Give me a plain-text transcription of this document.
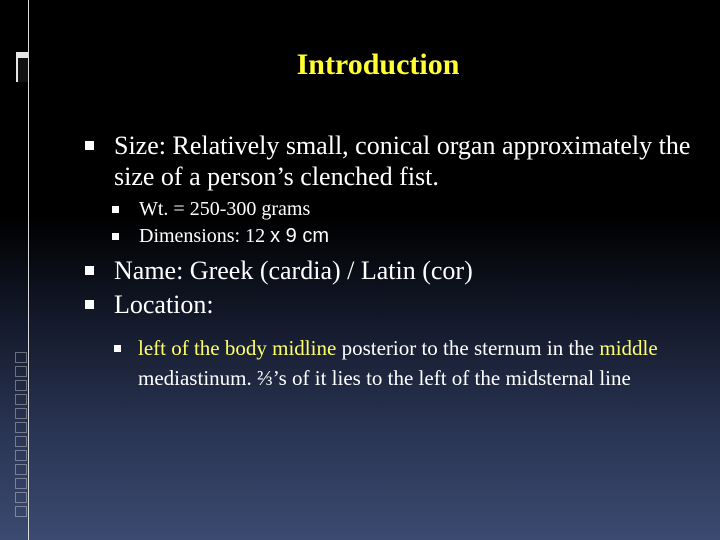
Introduction
Size: Relatively small, conical organ approximately the size of a person’s clenched fist.
Wt. = 250-300 grams
Dimensions: 12 x 9 cm
Name: Greek (cardia) / Latin (cor)
Location:
left of the body midline posterior to the sternum in the middle mediastinum. ⅔’s of it lies to the left of the midsternal line
